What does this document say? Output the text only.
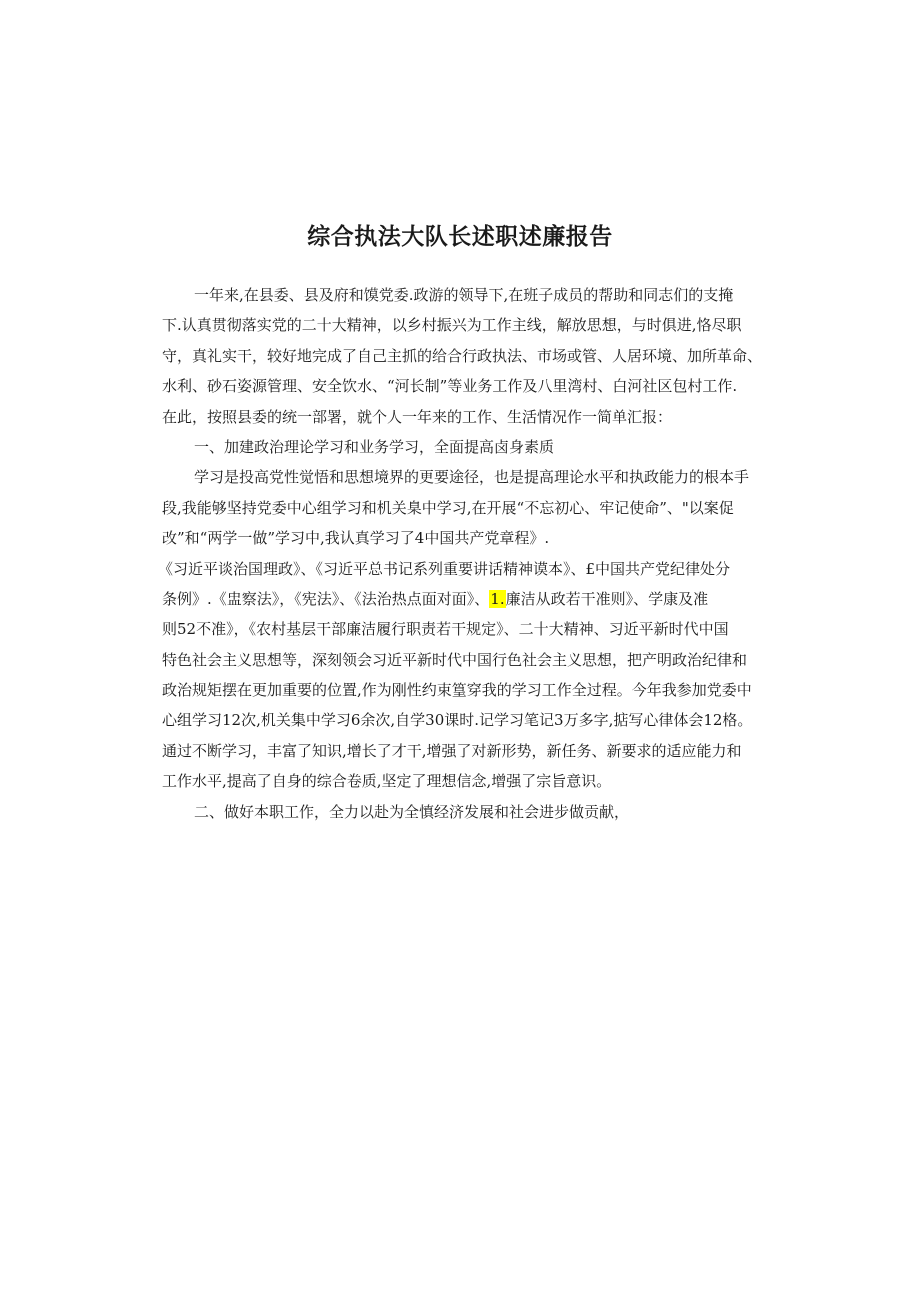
综合执法大队长述职述廉报告
一年来,在县委、县及府和馍党委.政游的领导下,在班子成员的帮助和同志们的支掩
下.认真贯彻落实党的二十大精神，以乡村振兴为工作主线，解放思想，与时俱进,恪尽职
守，真礼实干，较好地完成了自己主抓的给合行政执法、市场或管、人居环境、加所革命、
水利、砂石姿源管理、安全饮水、“河长制”等业务工作及八里湾村、白河社区包村工作.
在此，按照县委的统一部署，就个人一年来的工作、生活情况作一简单汇报：
一、加建政治理论学习和业务学习，全面提高卤身素质
学习是投高党性觉悟和思想境界的更要途径，也是提高理论水平和执政能力的根本手
段,我能够坚持党委中心组学习和机关臬中学习,在开展“不忘初心、牢记使命”、"以案促
改”和“两学一做”学习中,我认真学习了4中国共产党章程》.
《习近平谈治国理政》、《习近平总书记系列重要讲话精神谟本》、£中国共产党纪律处分
条例》.《盅察法》，《宪法》、《法治热点面对面》、1.廉洁从政若干准则》、学康及准
则52不准》，《农村基层干部廉洁履行职责若干规定》、二十大精神、习近平新时代中国
特色社会主义思想等，深刻领会习近平新时代中国行色社会主义思想，把产明政治纪律和
政治规矩摆在更加重要的位置,作为刚性约束篁穿我的学习工作全过程。今年我参加党委中
心组学习12次,机关集中学习6余次,自学30课时.记学习笔记3万多字,掂写心律体会12格。
通过不断学习，丰富了知识,增长了才干,增强了对新形势，新任务、新要求的适应能力和
工作水平,提高了自身的综合卷质,坚定了理想信念,增强了宗旨意识。
二、做好本职工作，全力以赴为全慎经济发展和社会进步做贡献，
